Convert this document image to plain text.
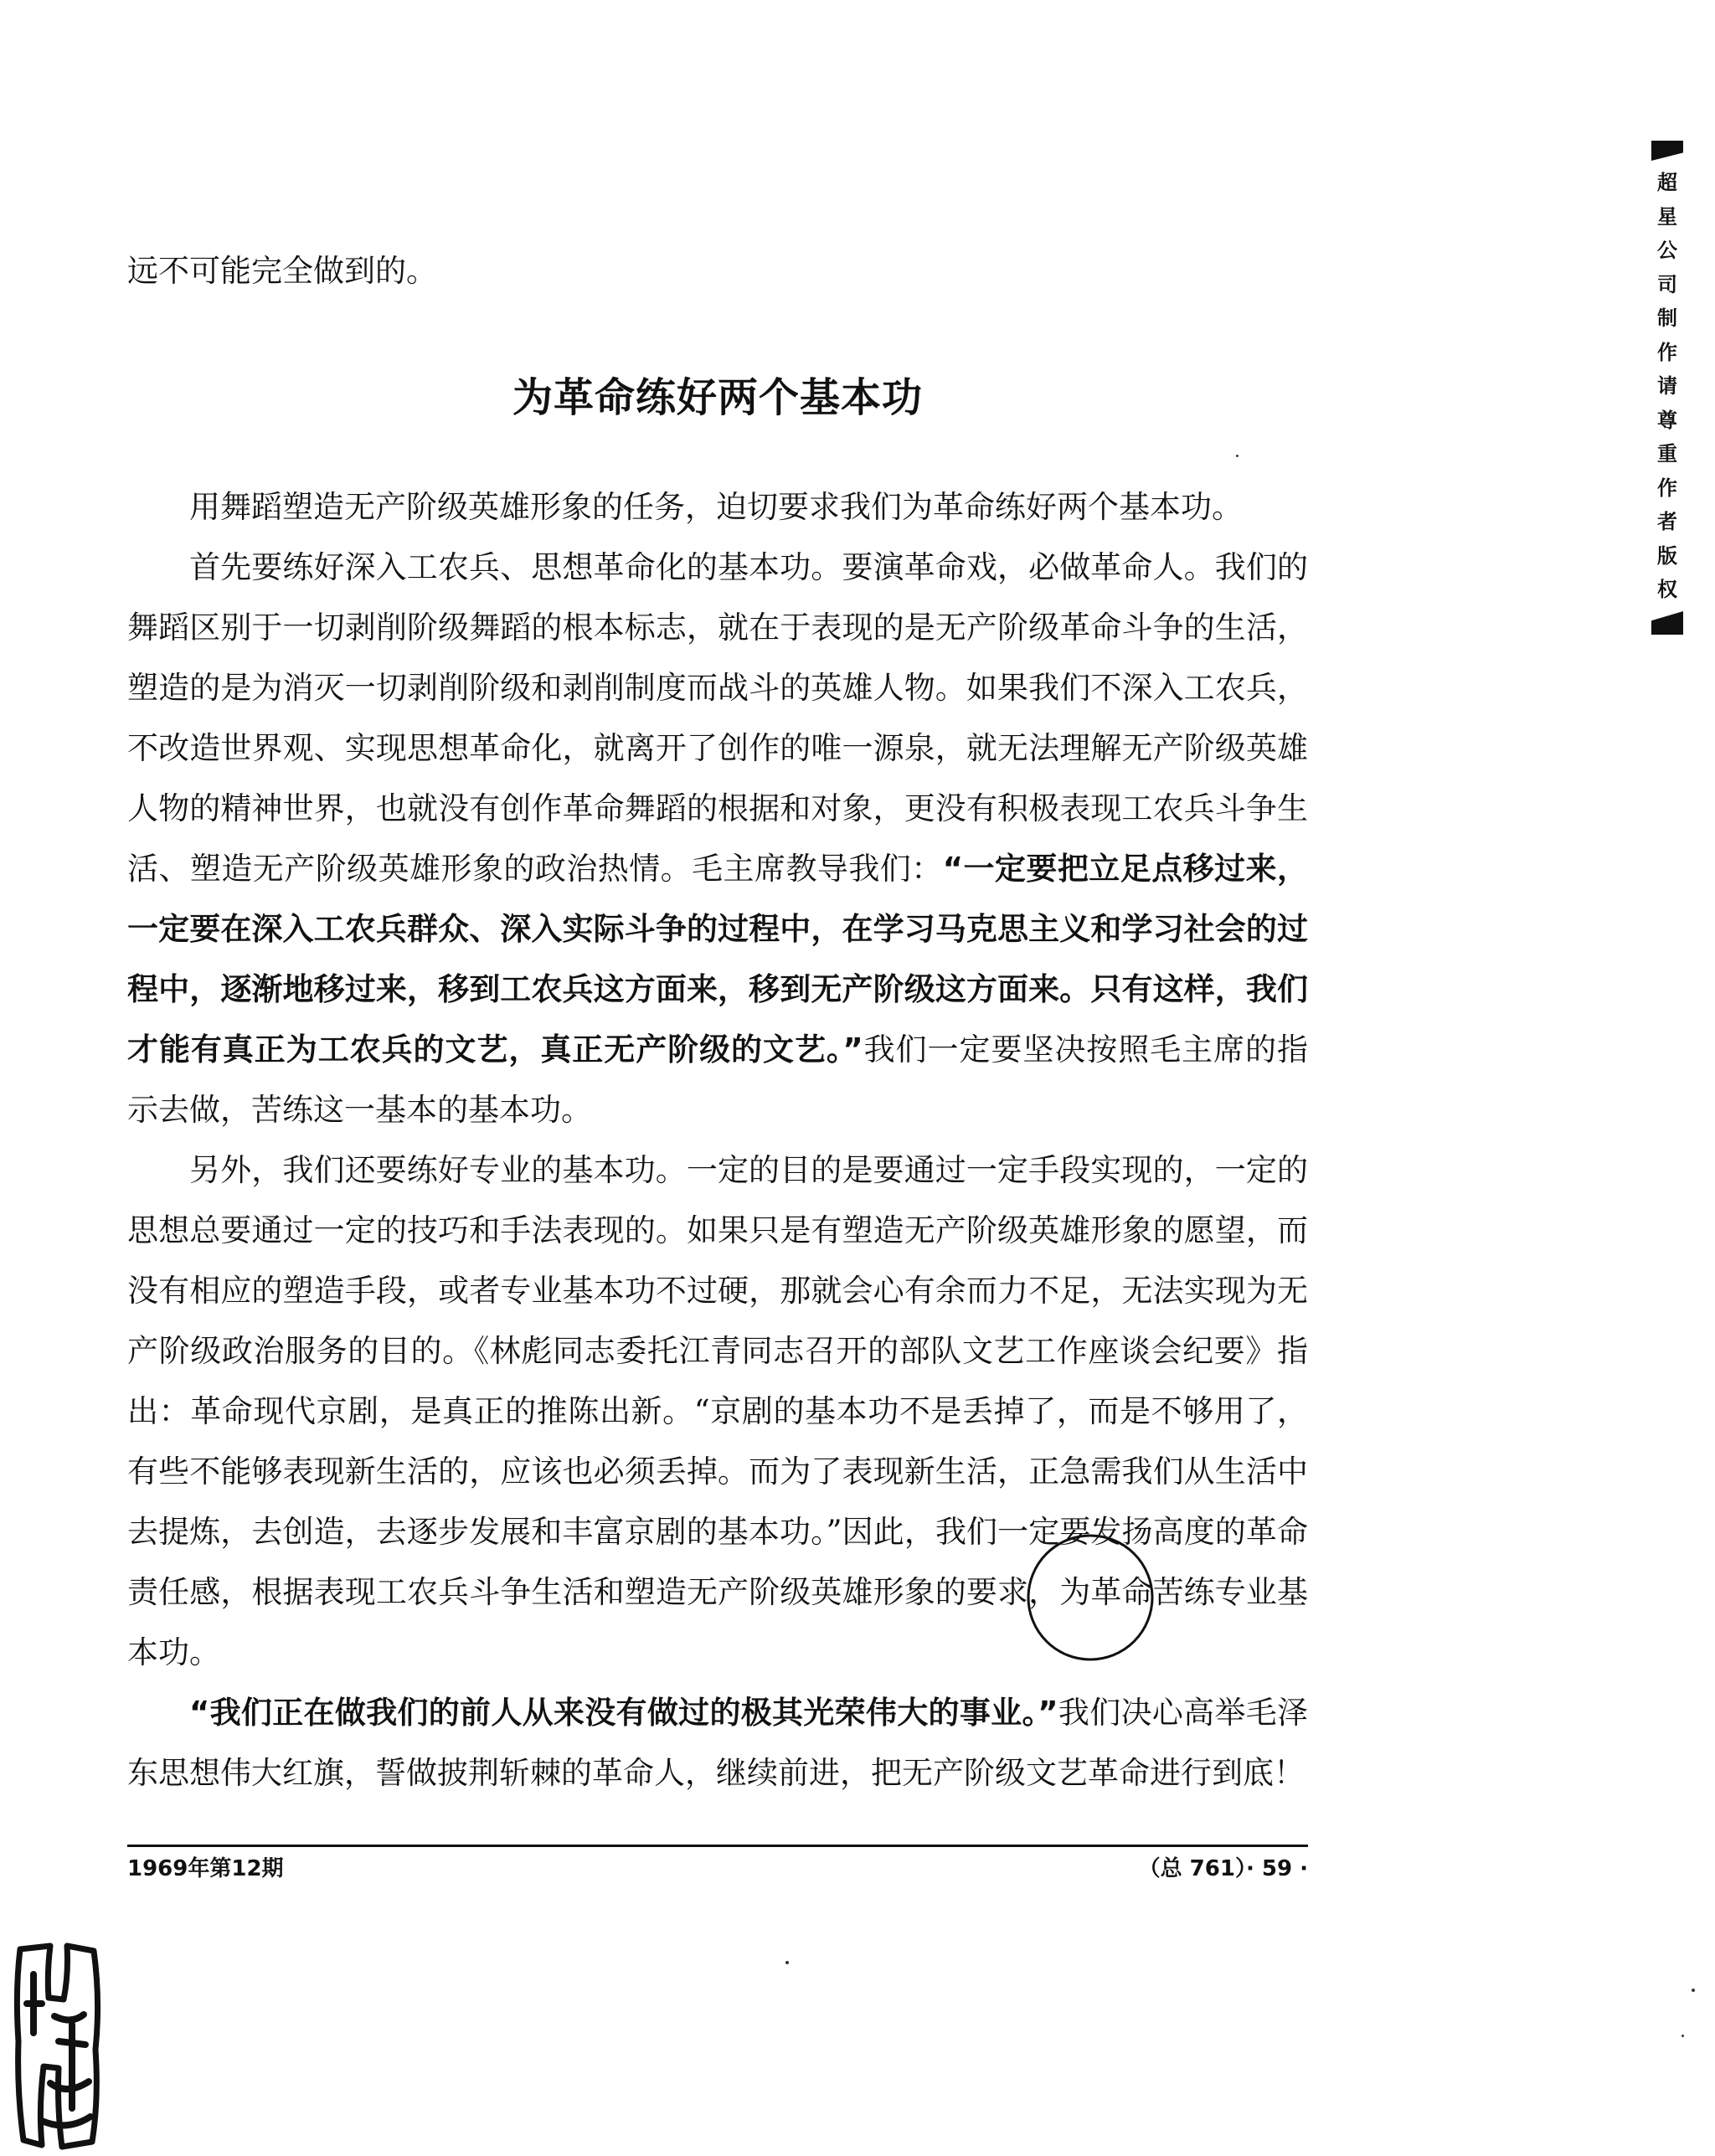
远不可能完全做到的。
为革命练好两个基本功

用舞蹈塑造无产阶级英雄形象的任务，迫切要求我们为革命练好两个基本功。

首先要练好深入工农兵、思想革命化的基本功。要演革命戏，必做革命人。我们的舞蹈区别于一切剥削阶级舞蹈的根本标志，就在于表现的是无产阶级革命斗争的生活，塑造的是为消灭一切剥削阶级和剥削制度而战斗的英雄人物。如果我们不深入工农兵，不改造世界观、实现思想革命化，就离开了创作的唯一源泉，就无法理解无产阶级英雄人物的精神世界，也就没有创作革命舞蹈的根据和对象，更没有积极表现工农兵斗争生活、塑造无产阶级英雄形象的政治热情。毛主席教导我们：“一定要把立足点移过来，一定要在深入工农兵群众、深入实际斗争的过程中，在学习马克思主义和学习社会的过程中，逐渐地移过来，移到工农兵这方面来，移到无产阶级这方面来。只有这样，我们才能有真正为工农兵的文艺，真正无产阶级的文艺。”我们一定要坚决按照毛主席的指示去做，苦练这一基本的基本功。

另外，我们还要练好专业的基本功。一定的目的是要通过一定手段实现的，一定的思想总要通过一定的技巧和手法表现的。如果只是有塑造无产阶级英雄形象的愿望，而没有相应的塑造手段，或者专业基本功不过硬，那就会心有余而力不足，无法实现为无产阶级政治服务的目的。《林彪同志委托江青同志召开的部队文艺工作座谈会纪要》指出：革命现代京剧，是真正的推陈出新。“京剧的基本功不是丢掉了，而是不够用了，有些不能够表现新生活的，应该也必须丢掉。而为了表现新生活，正急需我们从生活中去提炼，去创造，去逐步发展和丰富京剧的基本功。”因此，我们一定要发扬高度的革命责任感，根据表现工农兵斗争生活和塑造无产阶级英雄形象的要求，为革命苦练专业基本功。

“我们正在做我们的前人从来没有做过的极其光荣伟大的事业。”我们决心高举毛泽东思想伟大红旗，誓做披荆斩棘的革命人，继续前进，把无产阶级文艺革命进行到底！

1969年第12期	（总 761）· 59 ·
超星公司制作请尊重作者版权
